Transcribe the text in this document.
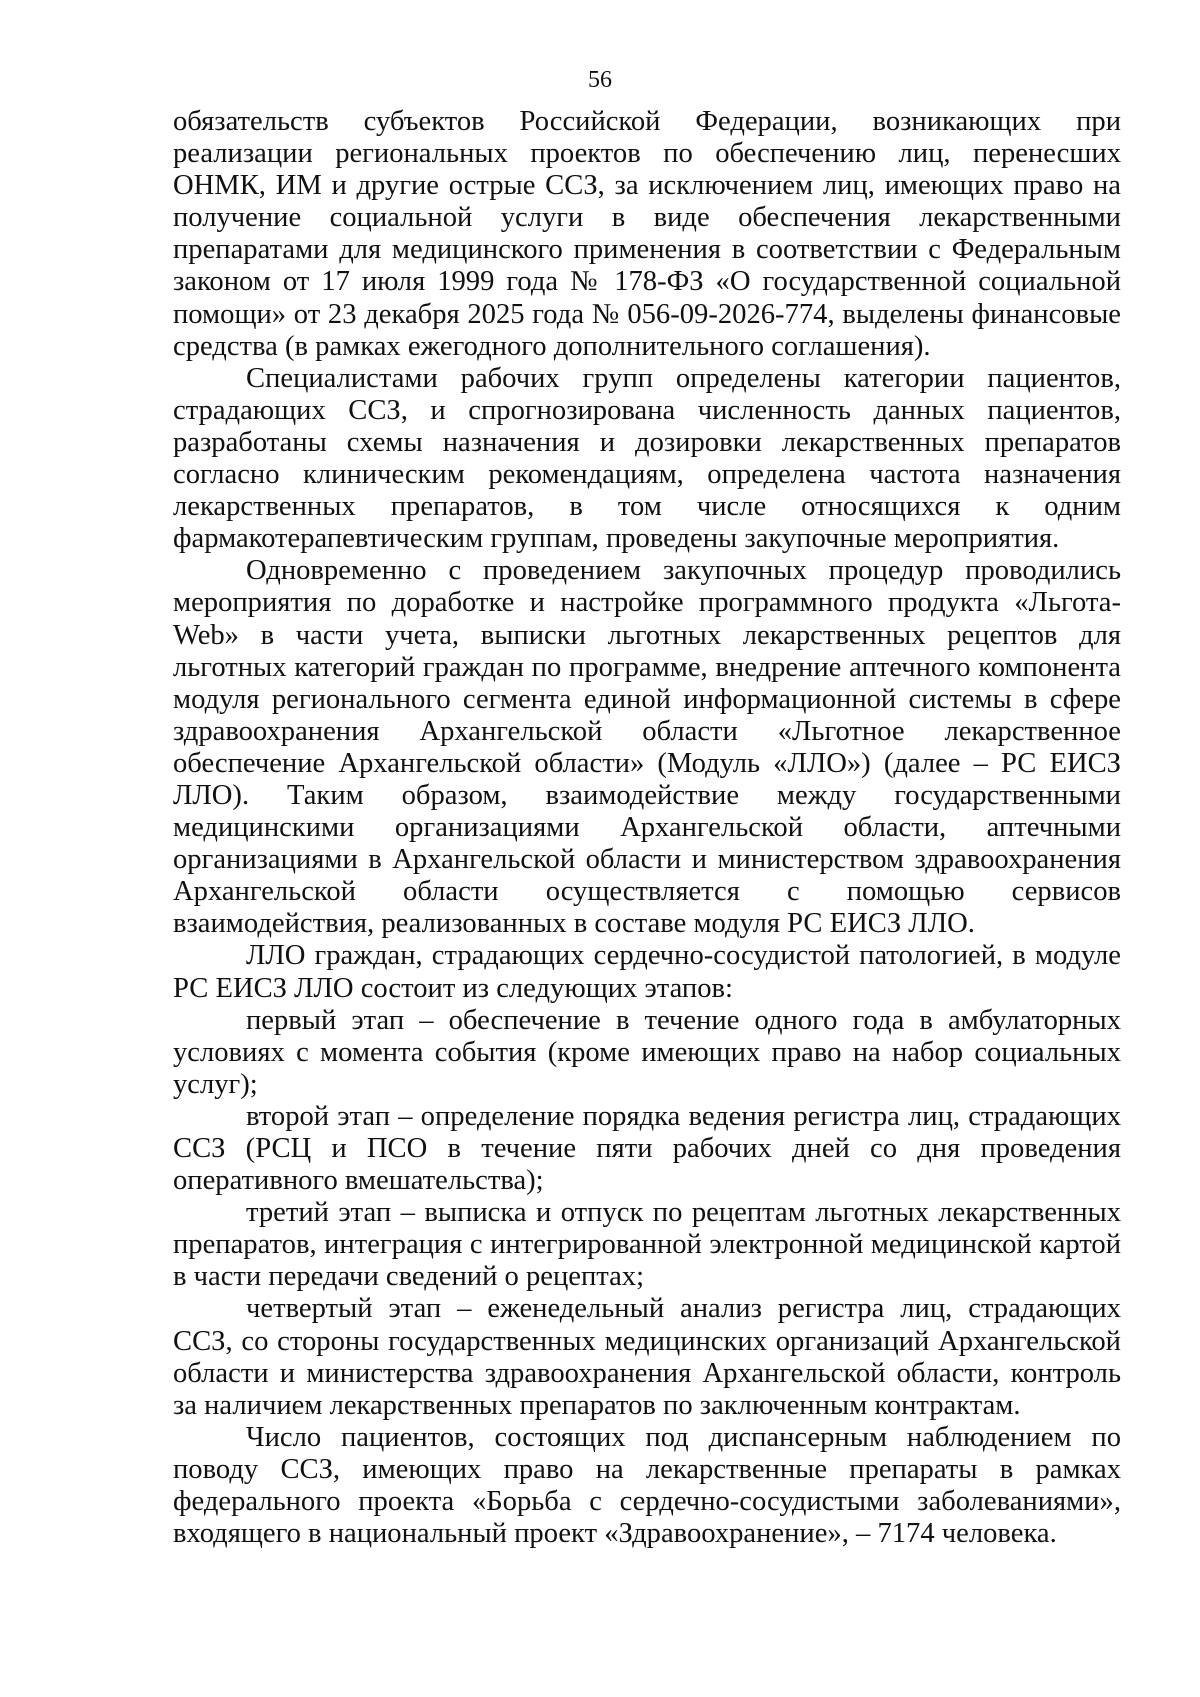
56

обязательств субъектов Российской Федерации, возникающих при реализации региональных проектов по обеспечению лиц, перенесших ОНМК, ИМ и другие острые ССЗ, за исключением лиц, имеющих право на получение социальной услуги в виде обеспечения лекарственными препаратами для медицинского применения в соответствии с Федеральным законом от 17 июля 1999 года № 178-ФЗ «О государственной социальной помощи» от 23 декабря 2025 года № 056-09-2026-774, выделены финансовые средства (в рамках ежегодного дополнительного соглашения).

Специалистами рабочих групп определены категории пациентов, страдающих ССЗ, и спрогнозирована численность данных пациентов, разработаны схемы назначения и дозировки лекарственных препаратов согласно клиническим рекомендациям, определена частота назначения лекарственных препаратов, в том числе относящихся к одним фармакотерапевтическим группам, проведены закупочные мероприятия.

Одновременно с проведением закупочных процедур проводились мероприятия по доработке и настройке программного продукта «Льгота-Web» в части учета, выписки льготных лекарственных рецептов для льготных категорий граждан по программе, внедрение аптечного компонента модуля регионального сегмента единой информационной системы в сфере здравоохранения Архангельской области «Льготное лекарственное обеспечение Архангельской области» (Модуль «ЛЛО») (далее – РС ЕИСЗ ЛЛО). Таким образом, взаимодействие между государственными медицинскими организациями Архангельской области, аптечными организациями в Архангельской области и министерством здравоохранения Архангельской области осуществляется с помощью сервисов взаимодействия, реализованных в составе модуля РС ЕИСЗ ЛЛО.

ЛЛО граждан, страдающих сердечно-сосудистой патологией, в модуле РС ЕИСЗ ЛЛО состоит из следующих этапов:

первый этап – обеспечение в течение одного года в амбулаторных условиях с момента события (кроме имеющих право на набор социальных услуг);

второй этап – определение порядка ведения регистра лиц, страдающих ССЗ (РСЦ и ПСО в течение пяти рабочих дней со дня проведения оперативного вмешательства);

третий этап – выписка и отпуск по рецептам льготных лекарственных препаратов, интеграция с интегрированной электронной медицинской картой в части передачи сведений о рецептах;

четвертый этап – еженедельный анализ регистра лиц, страдающих ССЗ, со стороны государственных медицинских организаций Архангельской области и министерства здравоохранения Архангельской области, контроль за наличием лекарственных препаратов по заключенным контрактам.

Число пациентов, состоящих под диспансерным наблюдением по поводу ССЗ, имеющих право на лекарственные препараты в рамках федерального проекта «Борьба с сердечно-сосудистыми заболеваниями», входящего в национальный проект «Здравоохранение», – 7174 человека.
